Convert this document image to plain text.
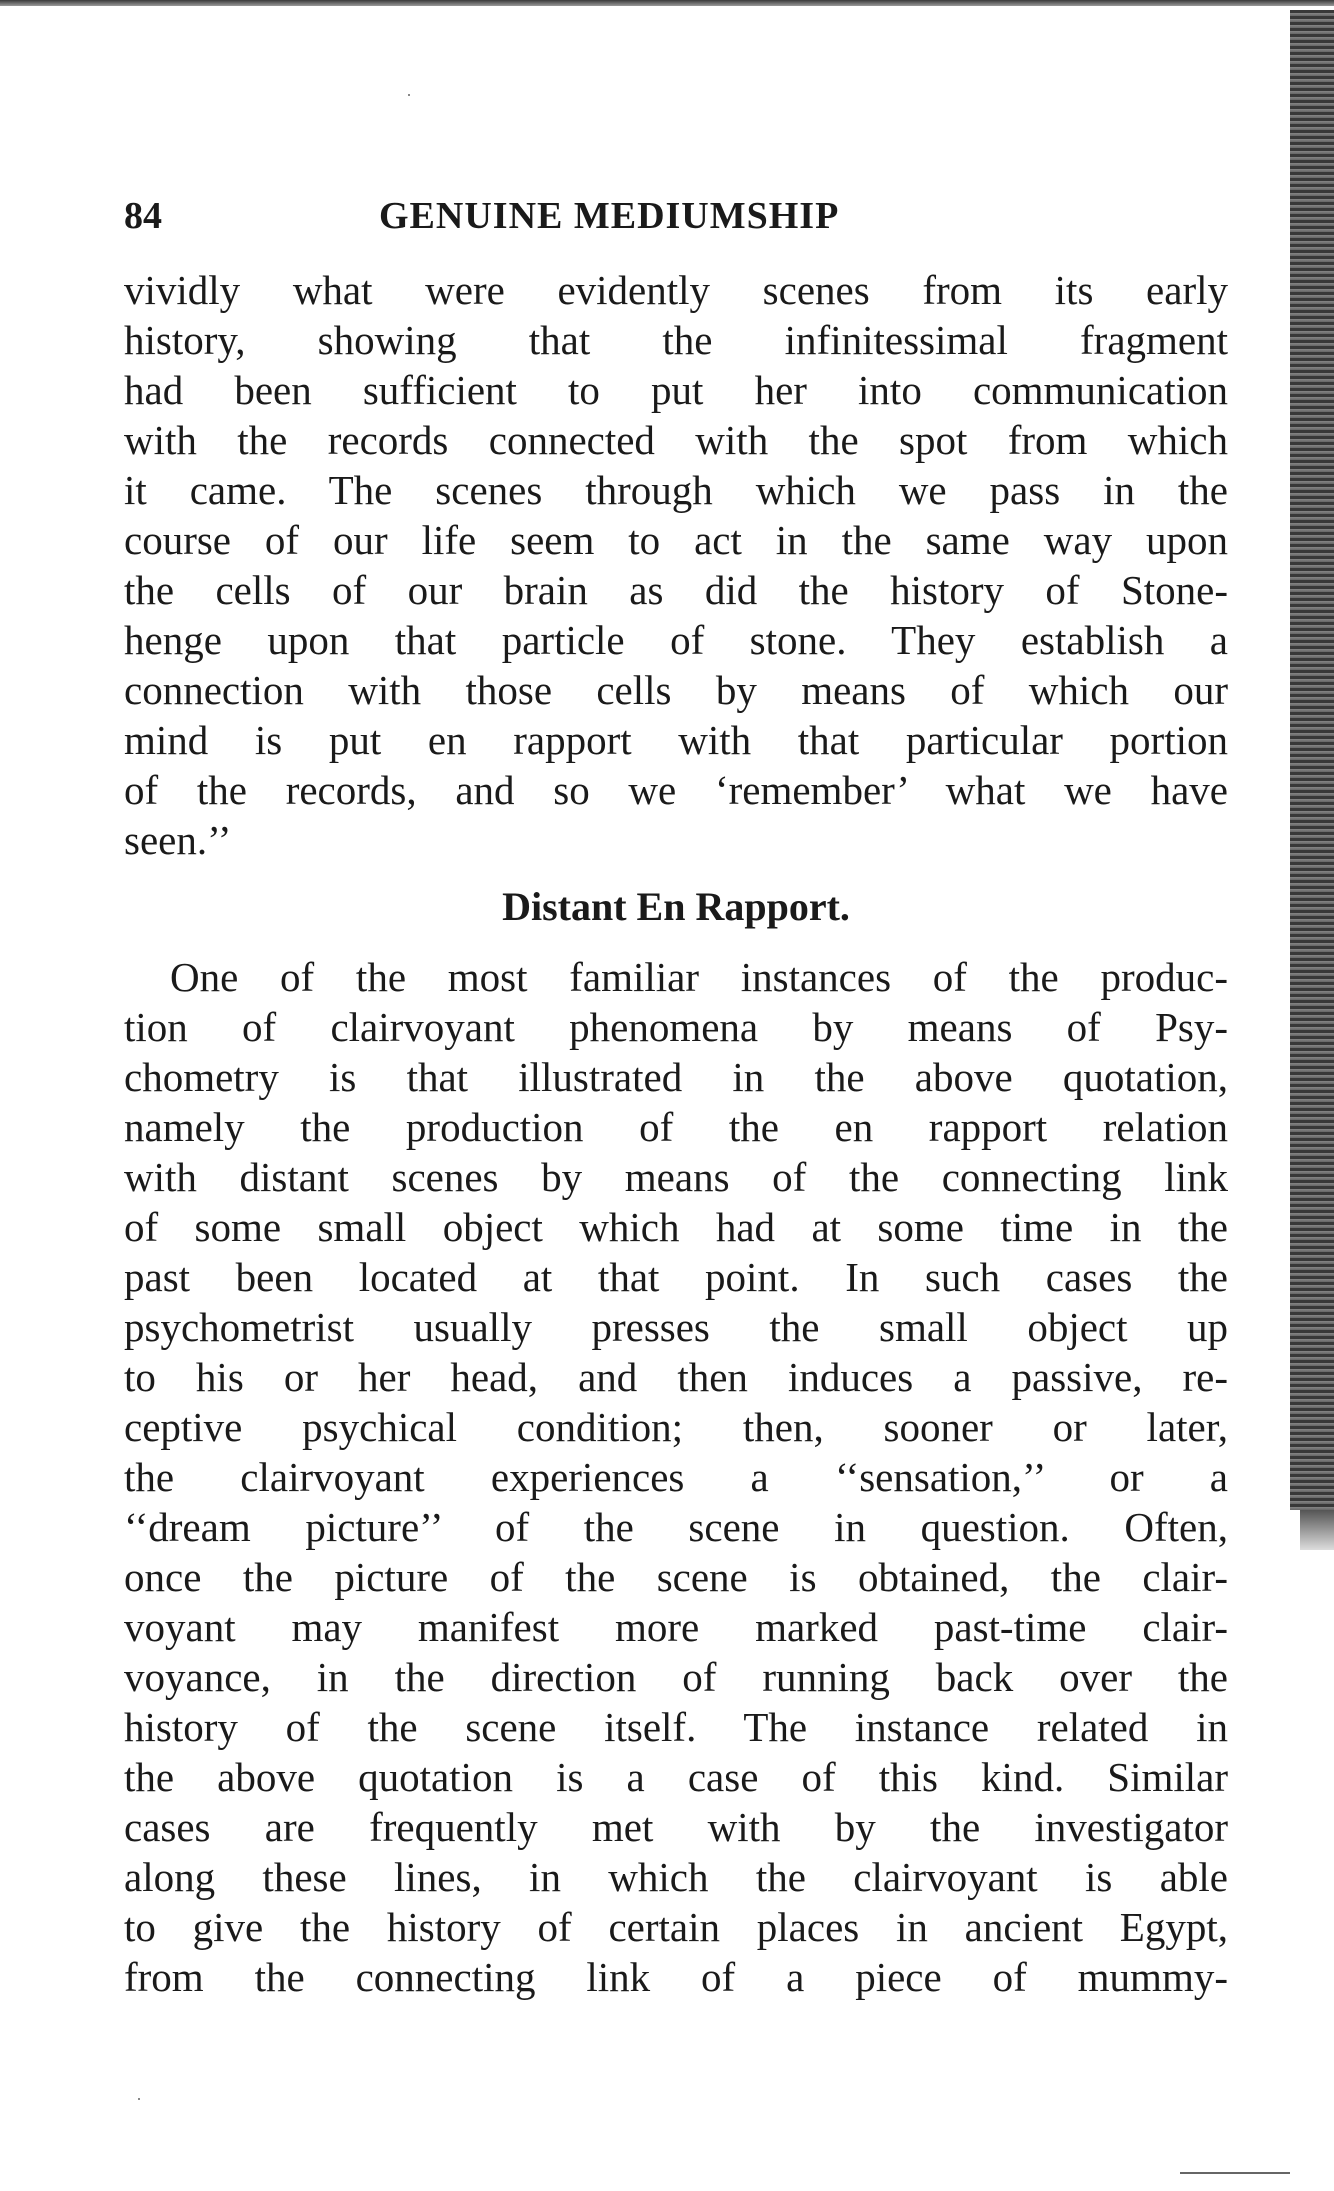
84	GENUINE MEDIUMSHIP
vividly what were evidently scenes from its early
history, showing that the infinitessimal fragment
had been sufficient to put her into communication
with the records connected with the spot from which
it came. The scenes through which we pass in the
course of our life seem to act in the same way upon
the cells of our brain as did the history of Stone-
henge upon that particle of stone. They establish a
connection with those cells by means of which our
mind is put en rapport with that particular portion
of the records, and so we ‘remember’ what we have
seen.’’
Distant En Rapport.
One of the most familiar instances of the produc-
tion of clairvoyant phenomena by means of Psy-
chometry is that illustrated in the above quotation,
namely the production of the en rapport relation
with distant scenes by means of the connecting link
of some small object which had at some time in the
past been located at that point. In such cases the
psychometrist usually presses the small object up
to his or her head, and then induces a passive, re-
ceptive psychical condition; then, sooner or later,
the clairvoyant experiences a ‘‘sensation,’’ or a
‘‘dream picture’’ of the scene in question. Often,
once the picture of the scene is obtained, the clair-
voyant may manifest more marked past-time clair-
voyance, in the direction of running back over the
history of the scene itself. The instance related in
the above quotation is a case of this kind. Similar
cases are frequently met with by the investigator
along these lines, in which the clairvoyant is able
to give the history of certain places in ancient Egypt,
from the connecting link of a piece of mummy-
